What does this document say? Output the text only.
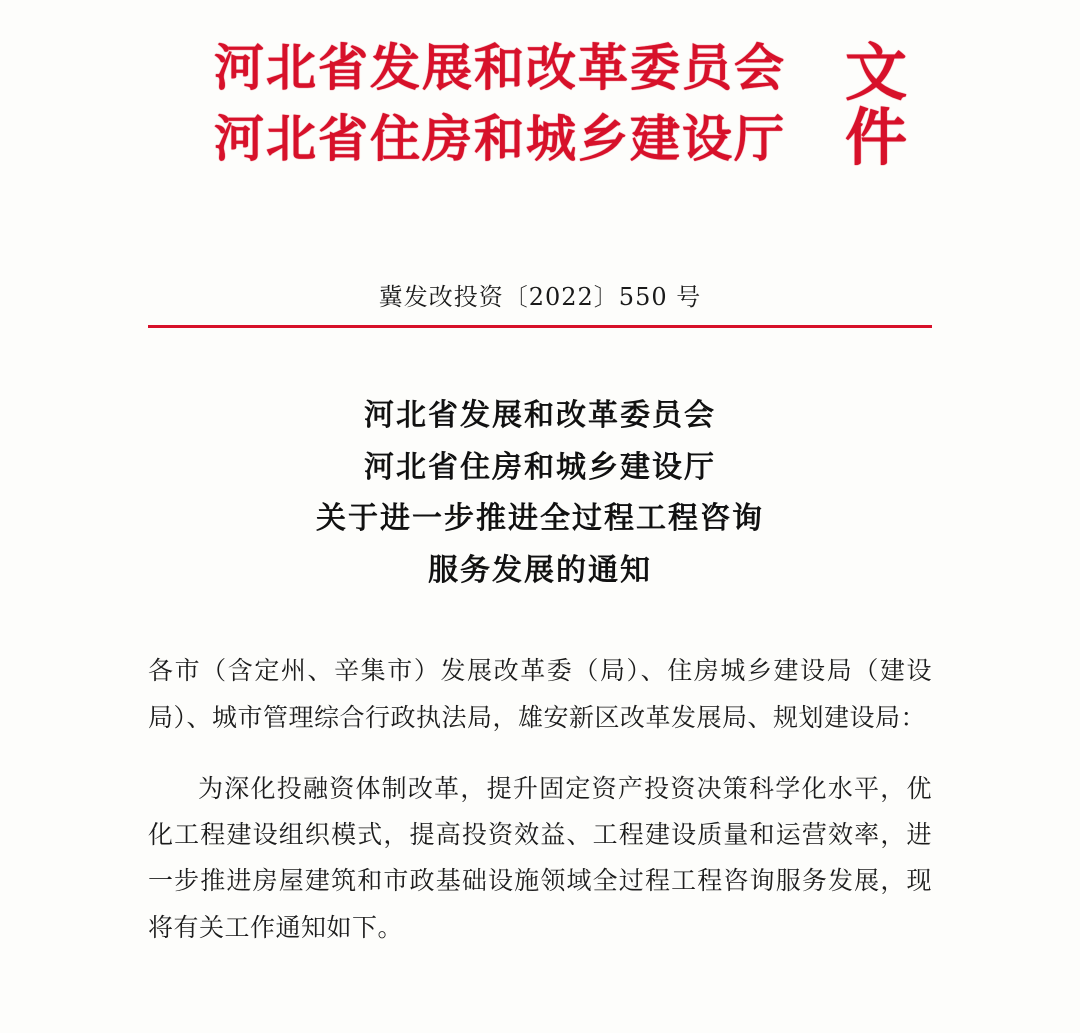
河北省发展和改革委员会
河北省住房和城乡建设厅
文
件
冀发改投资〔2022〕550 号
河北省发展和改革委员会
河北省住房和城乡建设厅
关于进一步推进全过程工程咨询
服务发展的通知

各市（含定州、辛集市）发展改革委（局）、住房城乡建设局（建设局）、城市管理综合行政执法局，雄安新区改革发展局、规划建设局：

为深化投融资体制改革，提升固定资产投资决策科学化水平，优化工程建设组织模式，提高投资效益、工程建设质量和运营效率，进一步推进房屋建筑和市政基础设施领域全过程工程咨询服务发展，现将有关工作通知如下。
